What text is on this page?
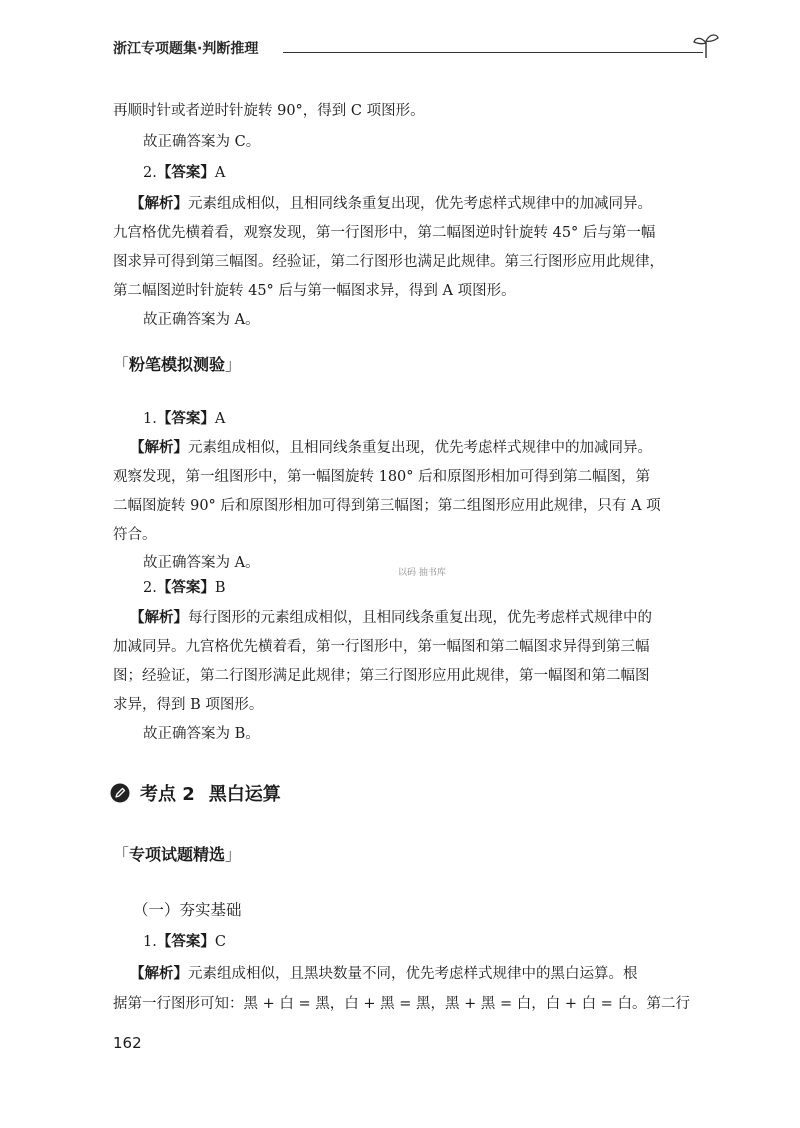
浙江专项题集·判断推理
再顺时针或者逆时针旋转 90°，得到 C 项图形。
故正确答案为 C。
2.【答案】A
【解析】元素组成相似，且相同线条重复出现，优先考虑样式规律中的加减同异。
九宫格优先横着看，观察发现，第一行图形中，第二幅图逆时针旋转 45° 后与第一幅
图求异可得到第三幅图。经验证，第二行图形也满足此规律。第三行图形应用此规律，
第二幅图逆时针旋转 45° 后与第一幅图求异，得到 A 项图形。
故正确答案为 A。
「粉笔模拟测验」
1.【答案】A
【解析】元素组成相似，且相同线条重复出现，优先考虑样式规律中的加减同异。
观察发现，第一组图形中，第一幅图旋转 180° 后和原图形相加可得到第二幅图，第
二幅图旋转 90° 后和原图形相加可得到第三幅图；第二组图形应用此规律，只有 A 项
符合。
故正确答案为 A。
以码 抽书库
2.【答案】B
【解析】每行图形的元素组成相似，且相同线条重复出现，优先考虑样式规律中的
加减同异。九宫格优先横着看，第一行图形中，第一幅图和第二幅图求异得到第三幅
图；经验证，第二行图形满足此规律；第三行图形应用此规律，第一幅图和第二幅图
求异，得到 B 项图形。
故正确答案为 B。
考点 2 黑白运算
「专项试题精选」
（一）夯实基础
1.【答案】C
【解析】元素组成相似，且黑块数量不同，优先考虑样式规律中的黑白运算。根
据第一行图形可知：黑 + 白 = 黑，白 + 黑 = 黑，黑 + 黑 = 白，白 + 白 = 白。第二行
162
